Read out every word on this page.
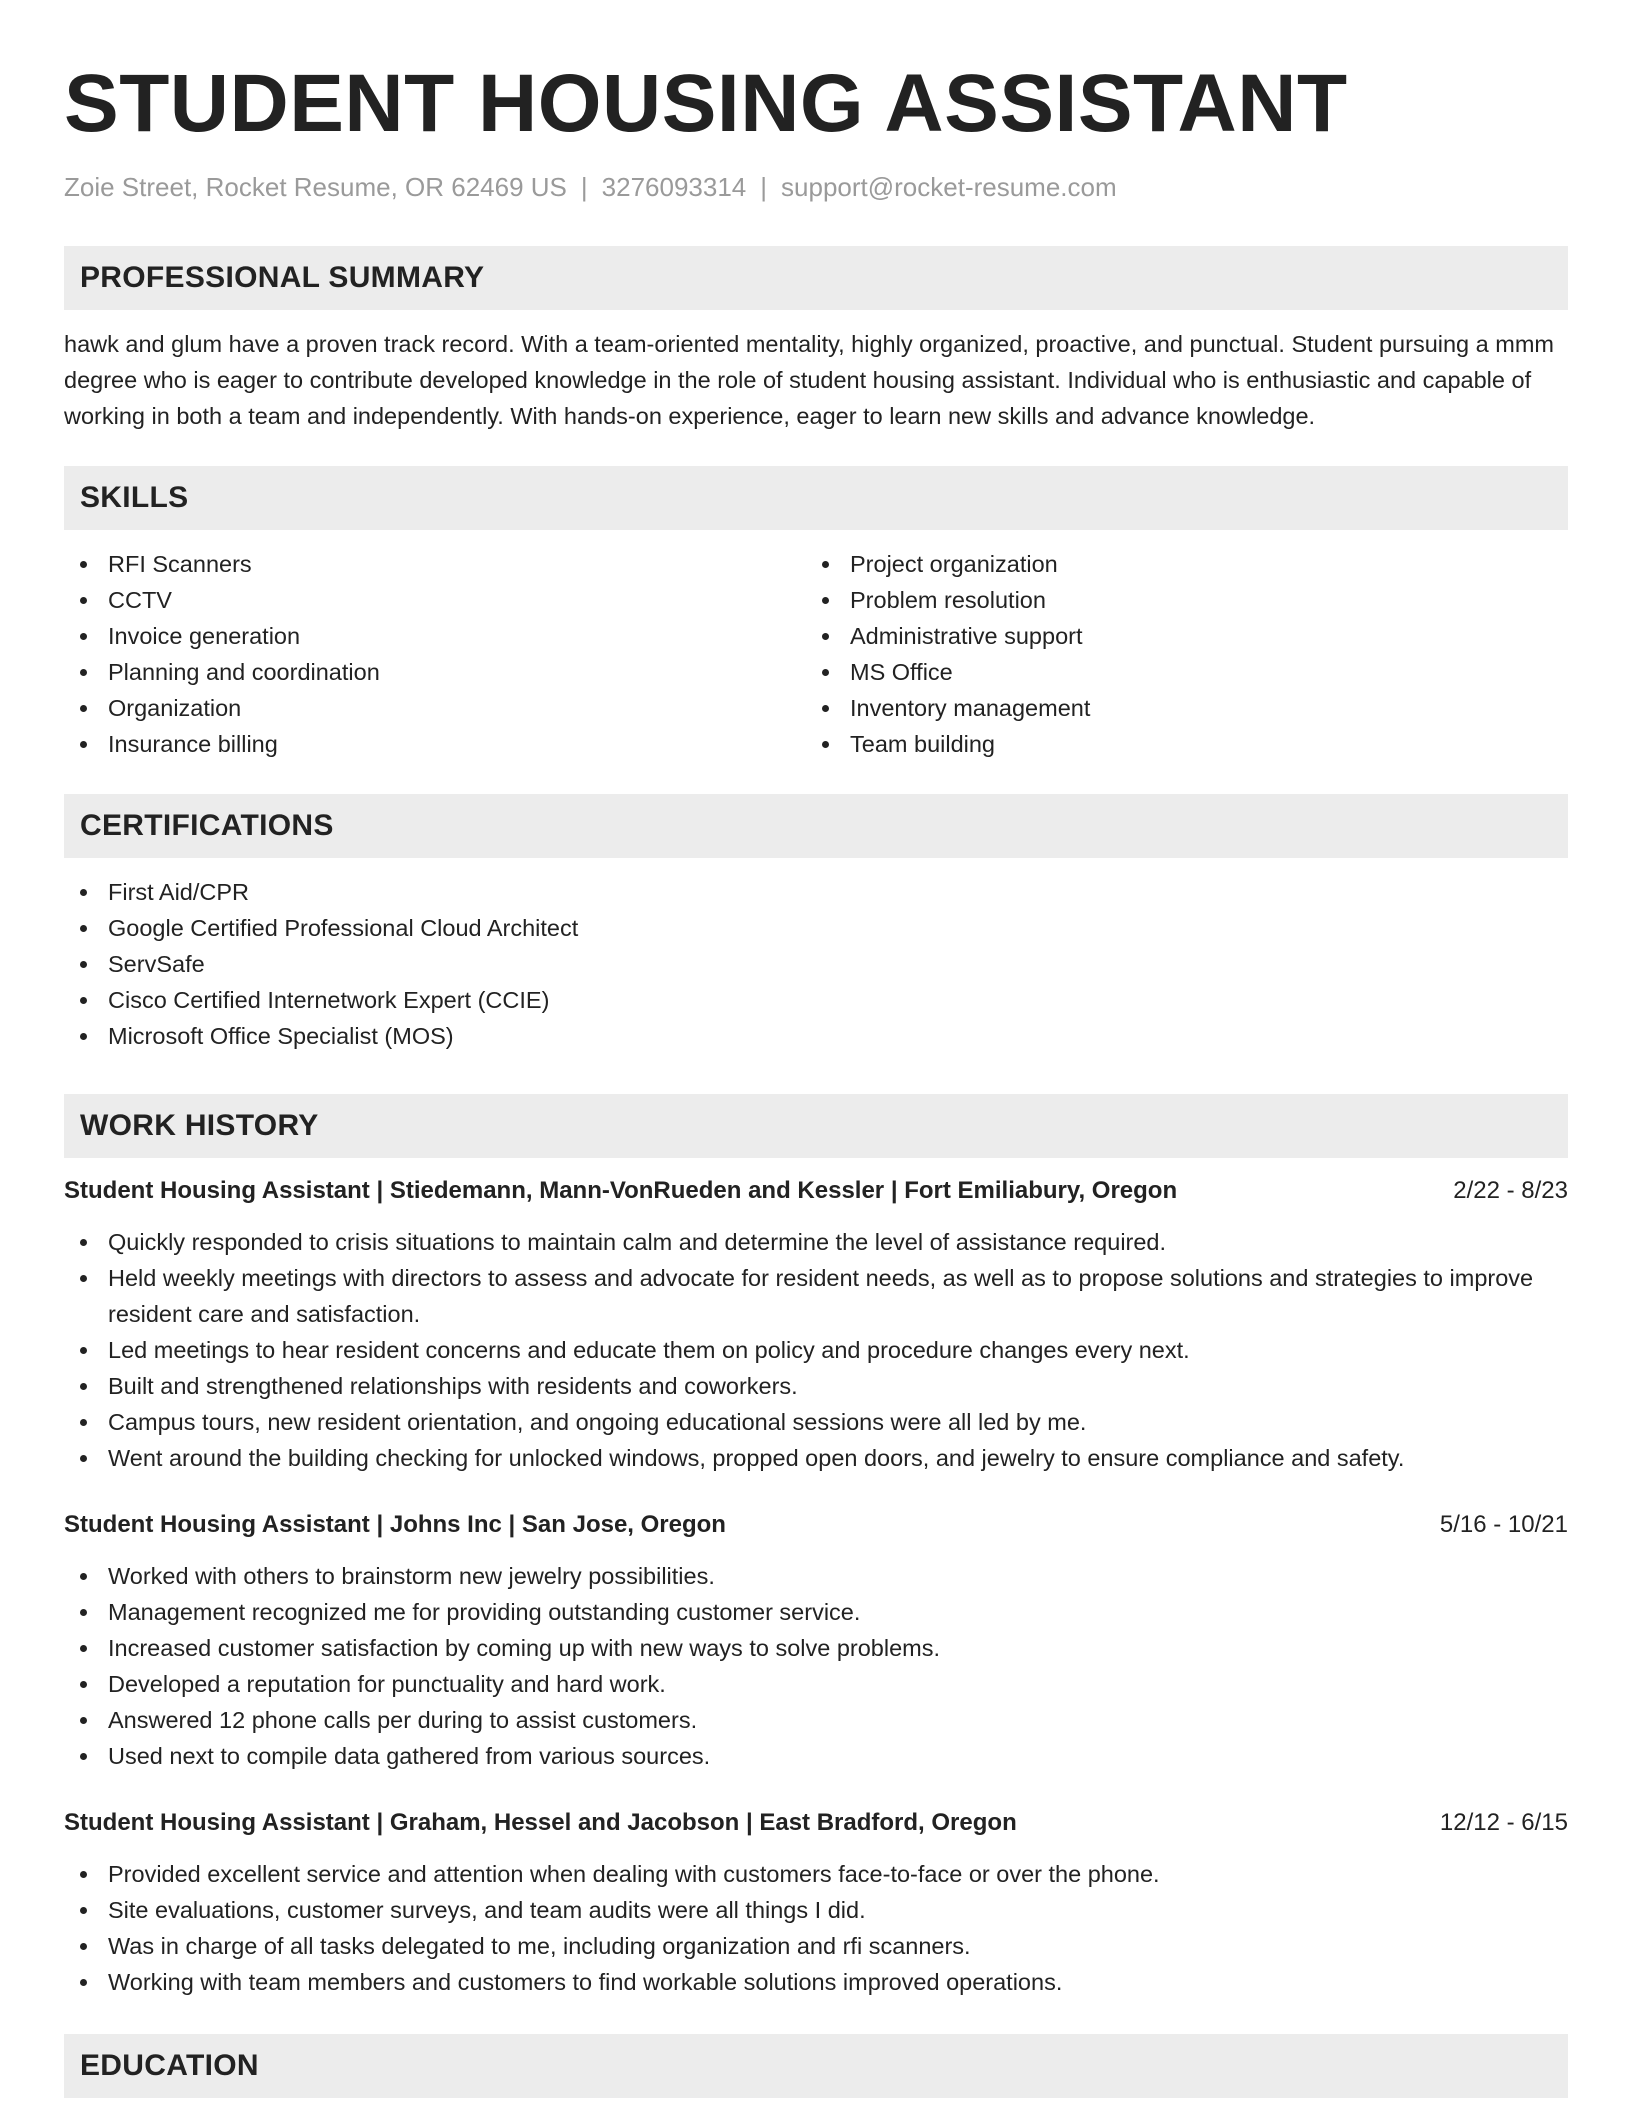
STUDENT HOUSING ASSISTANT
Zoie Street, Rocket Resume, OR 62469 US | 3276093314 | support@rocket-resume.com
PROFESSIONAL SUMMARY

hawk and glum have a proven track record. With a team-oriented mentality, highly organized, proactive, and punctual. Student pursuing a mmm degree who is eager to contribute developed knowledge in the role of student housing assistant. Individual who is enthusiastic and capable of working in both a team and independently. With hands-on experience, eager to learn new skills and advance knowledge.

SKILLS
RFI Scanners
CCTV
Invoice generation
Planning and coordination
Organization
Insurance billing
Project organization
Problem resolution
Administrative support
MS Office
Inventory management
Team building
CERTIFICATIONS
First Aid/CPR
Google Certified Professional Cloud Architect
ServSafe
Cisco Certified Internetwork Expert (CCIE)
Microsoft Office Specialist (MOS)
WORK HISTORY
Student Housing Assistant | Stiedemann, Mann-VonRueden and Kessler | Fort Emiliabury, Oregon	2/22 - 8/23
Quickly responded to crisis situations to maintain calm and determine the level of assistance required.
Held weekly meetings with directors to assess and advocate for resident needs, as well as to propose solutions and strategies to improve resident care and satisfaction.
Led meetings to hear resident concerns and educate them on policy and procedure changes every next.
Built and strengthened relationships with residents and coworkers.
Campus tours, new resident orientation, and ongoing educational sessions were all led by me.
Went around the building checking for unlocked windows, propped open doors, and jewelry to ensure compliance and safety.
Student Housing Assistant | Johns Inc | San Jose, Oregon	5/16 - 10/21
Worked with others to brainstorm new jewelry possibilities.
Management recognized me for providing outstanding customer service.
Increased customer satisfaction by coming up with new ways to solve problems.
Developed a reputation for punctuality and hard work.
Answered 12 phone calls per during to assist customers.
Used next to compile data gathered from various sources.
Student Housing Assistant | Graham, Hessel and Jacobson | East Bradford, Oregon	12/12 - 6/15
Provided excellent service and attention when dealing with customers face-to-face or over the phone.
Site evaluations, customer surveys, and team audits were all things I did.
Was in charge of all tasks delegated to me, including organization and rfi scanners.
Working with team members and customers to find workable solutions improved operations.
EDUCATION
